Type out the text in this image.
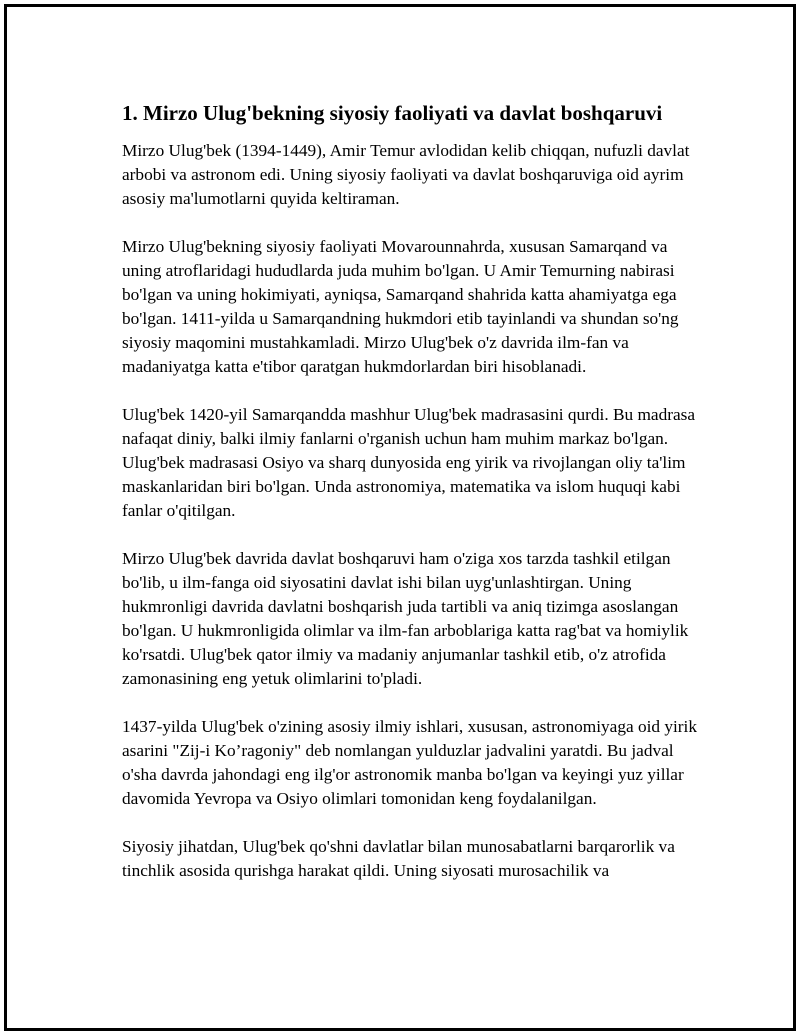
1. Mirzo Ulug'bekning siyosiy faoliyati va davlat boshqaruvi

Mirzo Ulug'bek (1394-1449), Amir Temur avlodidan kelib chiqqan, nufuzli davlat arbobi va astronom edi. Uning siyosiy faoliyati va davlat boshqaruviga oid ayrim asosiy ma'lumotlarni quyida keltiraman.

Mirzo Ulug'bekning siyosiy faoliyati Movarounnahrda, xususan Samarqand va uning atroflaridagi hududlarda juda muhim bo'lgan. U Amir Temurning nabirasi bo'lgan va uning hokimiyati, ayniqsa, Samarqand shahrida katta ahamiyatga ega bo'lgan. 1411-yilda u Samarqandning hukmdori etib tayinlandi va shundan so'ng siyosiy maqomini mustahkamladi. Mirzo Ulug'bek o'z davrida ilm-fan va madaniyatga katta e'tibor qaratgan hukmdorlardan biri hisoblanadi.

Ulug'bek 1420-yil Samarqandda mashhur Ulug'bek madrasasini qurdi. Bu madrasa nafaqat diniy, balki ilmiy fanlarni o'rganish uchun ham muhim markaz bo'lgan. Ulug'bek madrasasi Osiyo va sharq dunyosida eng yirik va rivojlangan oliy ta'lim maskanlaridan biri bo'lgan. Unda astronomiya, matematika va islom huquqi kabi fanlar o'qitilgan.

Mirzo Ulug'bek davrida davlat boshqaruvi ham o'ziga xos tarzda tashkil etilgan bo'lib, u ilm-fanga oid siyosatini davlat ishi bilan uyg'unlashtirgan. Uning hukmronligi davrida davlatni boshqarish juda tartibli va aniq tizimga asoslangan bo'lgan. U hukmronligida olimlar va ilm-fan arboblariga katta rag'bat va homiylik ko'rsatdi. Ulug'bek qator ilmiy va madaniy anjumanlar tashkil etib, o'z atrofida zamonasining eng yetuk olimlarini to'pladi.

1437-yilda Ulug'bek o'zining asosiy ilmiy ishlari, xususan, astronomiyaga oid yirik asarini "Zij-i Ko’ragoniy" deb nomlangan yulduzlar jadvalini yaratdi. Bu jadval o'sha davrda jahondagi eng ilg'or astronomik manba bo'lgan va keyingi yuz yillar davomida Yevropa va Osiyo olimlari tomonidan keng foydalanilgan.

Siyosiy jihatdan, Ulug'bek qo'shni davlatlar bilan munosabatlarni barqarorlik va tinchlik asosida qurishga harakat qildi. Uning siyosati murosachilik va
